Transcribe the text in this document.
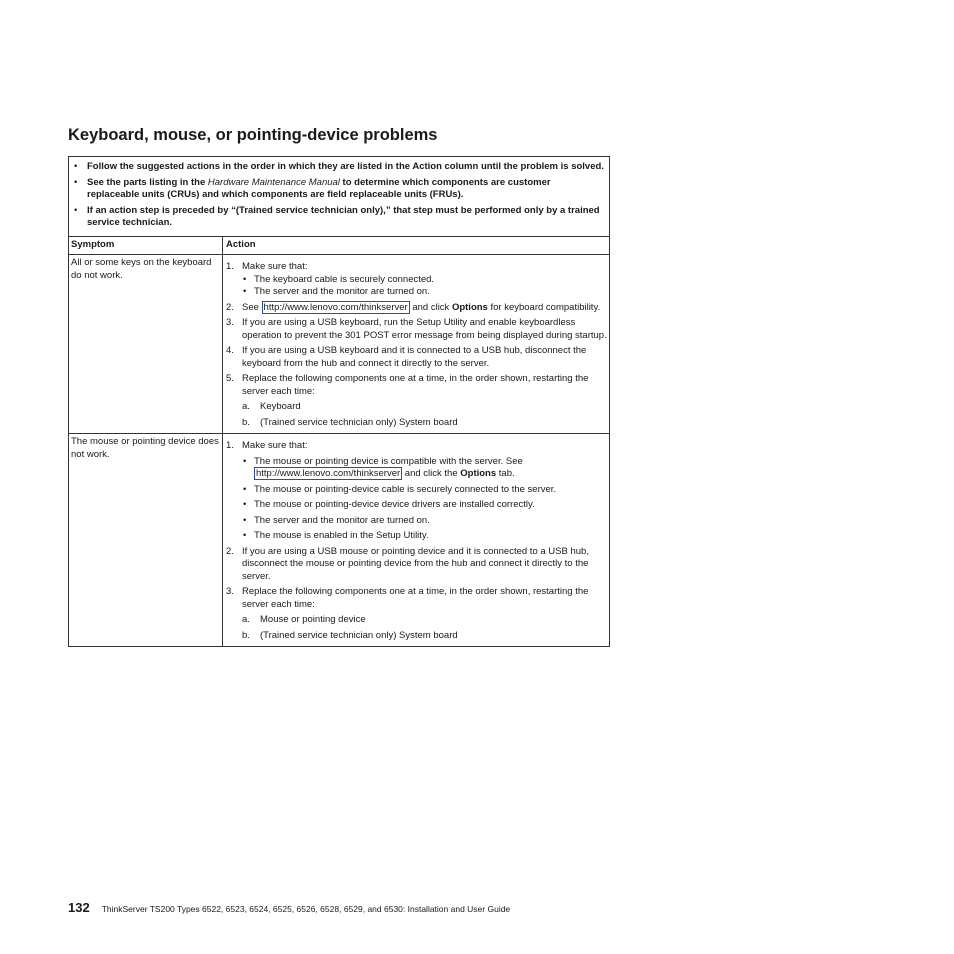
Keyboard, mouse, or pointing-device problems
• Follow the suggested actions in the order in which they are listed in the Action column until the problem is solved.
• See the parts listing in the Hardware Maintenance Manual to determine which components are customer replaceable units (CRUs) and which components are field replaceable units (FRUs).
• If an action step is preceded by “(Trained service technician only),” that step must be performed only by a trained service technician.
Symptom	Action
All or some keys on the keyboard do not work.
1. Make sure that:
• The keyboard cable is securely connected.
• The server and the monitor are turned on.
2. See http://www.lenovo.com/thinkserver and click Options for keyboard compatibility.
3. If you are using a USB keyboard, run the Setup Utility and enable keyboardless operation to prevent the 301 POST error message from being displayed during startup.
4. If you are using a USB keyboard and it is connected to a USB hub, disconnect the keyboard from the hub and connect it directly to the server.
5. Replace the following components one at a time, in the order shown, restarting the server each time:
a. Keyboard
b. (Trained service technician only) System board
The mouse or pointing device does not work.
1. Make sure that:
• The mouse or pointing device is compatible with the server. See http://www.lenovo.com/thinkserver and click the Options tab.
• The mouse or pointing-device cable is securely connected to the server.
• The mouse or pointing-device device drivers are installed correctly.
• The server and the monitor are turned on.
• The mouse is enabled in the Setup Utility.
2. If you are using a USB mouse or pointing device and it is connected to a USB hub, disconnect the mouse or pointing device from the hub and connect it directly to the server.
3. Replace the following components one at a time, in the order shown, restarting the server each time:
a. Mouse or pointing device
b. (Trained service technician only) System board
132 ThinkServer TS200 Types 6522, 6523, 6524, 6525, 6526, 6528, 6529, and 6530: Installation and User Guide
